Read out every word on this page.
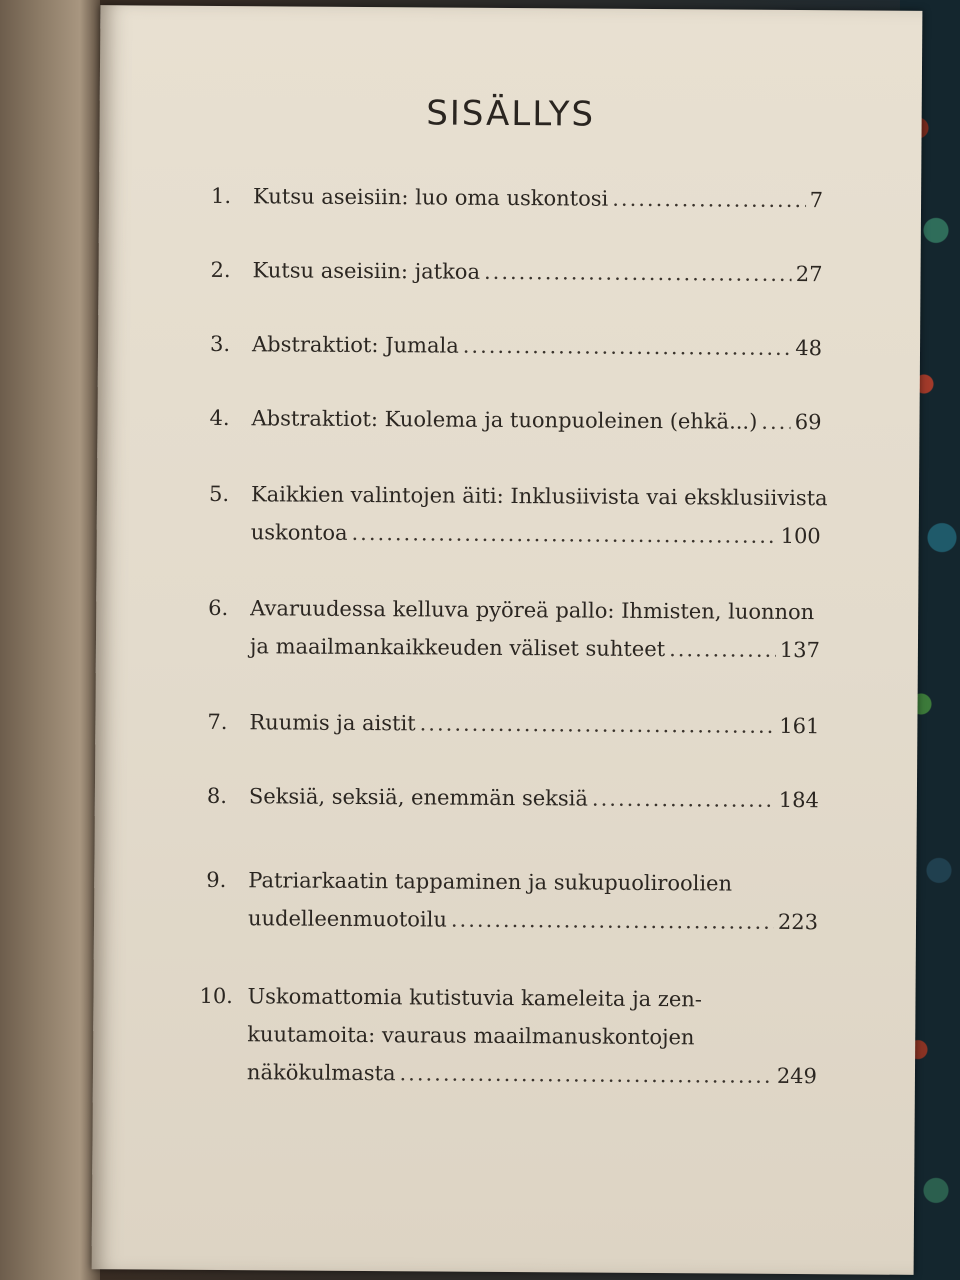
SISÄLLYS
1.	Kutsu aseisiin: luo oma uskontosi .....	7
2.	Kutsu aseisiin: jatkoa .....	27
3.	Abstraktiot: Jumala .....	48
4.	Abstraktiot: Kuolema ja tuonpuoleinen (ehkä...) ..... 69
5.	Kaikkien valintojen äiti: Inklusiivista vai eksklusiivista
uskontoa .....	100
6.	Avaruudessa kelluva pyöreä pallo: Ihmisten, luonnon
ja maailmankaikkeuden väliset suhteet .....	137
7.	Ruumis ja aistit .....	161
8.	Seksiä, seksiä, enemmän seksiä .....	184
9.	Patriarkaatin tappaminen ja sukupuoliroolien
uudelleenmuotoilu .....	223
10. Uskomattomia kutistuvia kameleita ja zen-
kuutamoita: vauraus maailmanuskontojen
näkökulmasta .....	249
